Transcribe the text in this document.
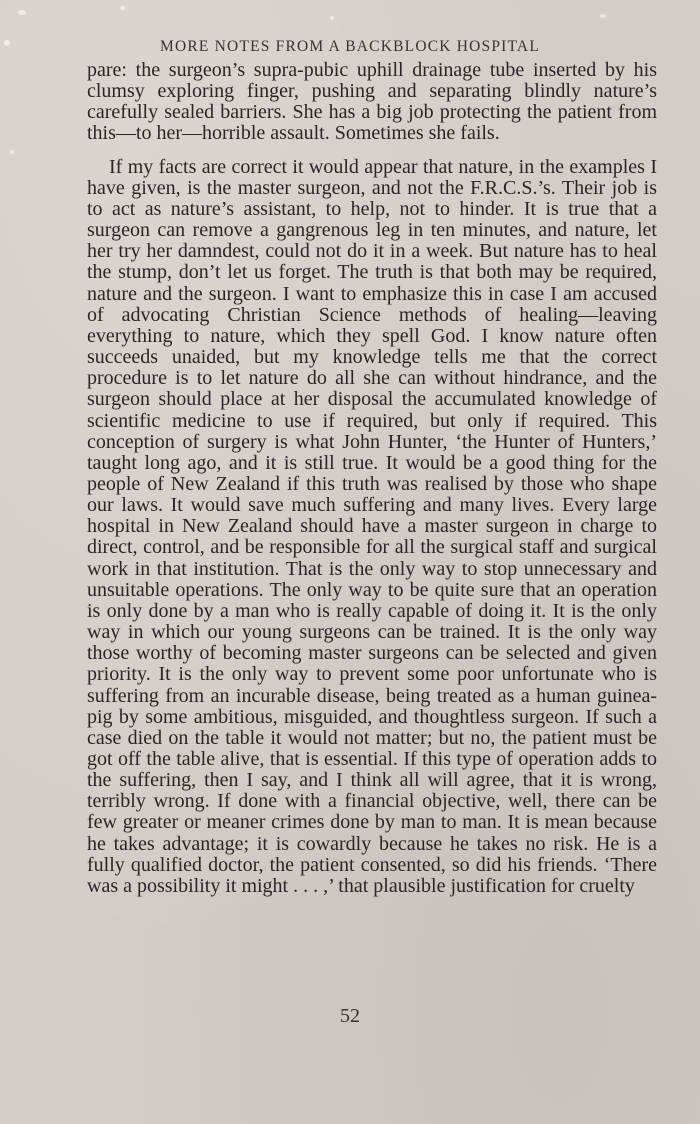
MORE NOTES FROM A BACKBLOCK HOSPITAL

pare: the surgeon’s supra-pubic uphill drainage tube inserted by his clumsy exploring finger, pushing and separating blindly nature’s carefully sealed barriers. She has a big job protecting the patient from this—to her—horrible assault. Sometimes she fails.

If my facts are correct it would appear that nature, in the examples I have given, is the master surgeon, and not the F.R.C.S.’s. Their job is to act as nature’s assistant, to help, not to hinder. It is true that a surgeon can remove a gangrenous leg in ten minutes, and nature, let her try her damndest, could not do it in a week. But nature has to heal the stump, don’t let us forget. The truth is that both may be required, nature and the surgeon. I want to emphasize this in case I am accused of advocating Christian Science methods of healing—leaving everything to nature, which they spell God. I know nature often succeeds unaided, but my knowledge tells me that the correct procedure is to let nature do all she can without hindrance, and the surgeon should place at her disposal the accumulated knowledge of scientific medicine to use if required, but only if required. This conception of surgery is what John Hunter, ‘the Hunter of Hunters,’ taught long ago, and it is still true. It would be a good thing for the people of New Zealand if this truth was realised by those who shape our laws. It would save much suffering and many lives. Every large hospital in New Zealand should have a master surgeon in charge to direct, control, and be responsible for all the surgical staff and surgical work in that institution. That is the only way to stop unnecessary and unsuitable operations. The only way to be quite sure that an operation is only done by a man who is really capable of doing it. It is the only way in which our young surgeons can be trained. It is the only way those worthy of becoming master surgeons can be selected and given priority. It is the only way to prevent some poor unfortunate who is suffering from an incurable disease, being treated as a human guinea-pig by some ambitious, misguided, and thoughtless surgeon. If such a case died on the table it would not matter; but no, the patient must be got off the table alive, that is essential. If this type of operation adds to the suffering, then I say, and I think all will agree, that it is wrong, terribly wrong. If done with a financial objective, well, there can be few greater or meaner crimes done by man to man. It is mean because he takes advantage; it is cowardly because he takes no risk. He is a fully qualified doctor, the patient consented, so did his friends. ‘There was a possibility it might . . . ,’ that plausible justification for cruelty

52
